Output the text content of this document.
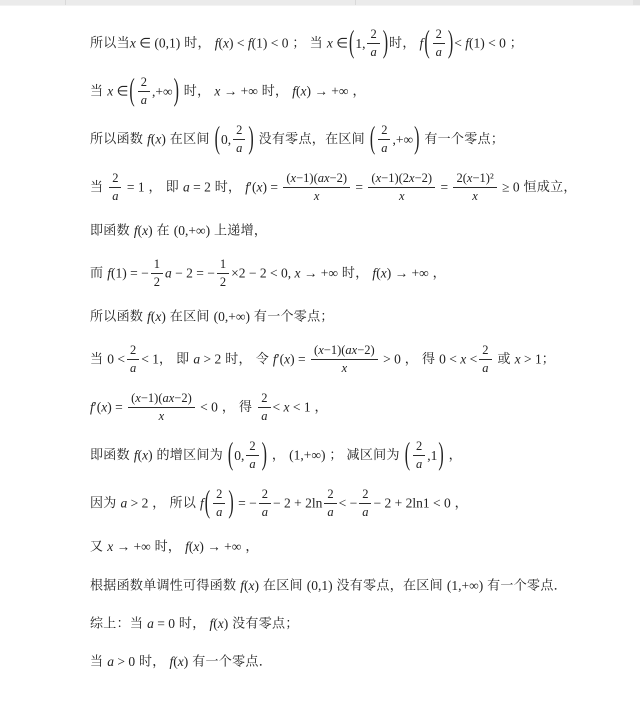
所以当x ∈ (0,1) 时， f(x) < f(1) < 0 ； 当 x ∈ ( 1, $\frac{2}{a}$ ) 时， f ( $\frac{2}{a}$ ) < f(1) < 0 ；
当 x ∈ ( $\frac{2}{a}$ ,+∞ ) 时， x → +∞ 时， f(x) → +∞ ，
所以函数 f(x) 在区间 ( 0, $\frac{2}{a}$ ) 没有零点，在区间 ( $\frac{2}{a}$ ,+∞ ) 有一个零点；
当 $\frac{2}{a} = 1$ ， 即 a = 2 时， $f'(x) = \frac{(x-1)(ax-2)}{x} = \frac{(x-1)(2x-2)}{x} = \frac{\text{2(x−1)²}}{x} \ge 0$ 恒成立，
即函数 f(x) 在 (0,+∞) 上递增，
而 f(1) = − $\frac{1}{2}$ a − 2 = − $\frac{1}{2} \times 2 - 2 < 0$, x → +∞ 时， f(x) → +∞ ，
所以函数 f(x) 在区间 (0,+∞) 有一个零点；
当 $0 < \frac{2}{a} < 1$， 即 a > 2 时， 令 $f'(x) = \frac{(x-1)(ax-2)}{x} > 0$ ， 得 $0 < x < \frac{2}{a}$ 或 x > 1；
$f'(x) = \frac{(x-1)(ax-2)}{x} < 0$ ， 得 $\frac{2}{a} < x < 1$ ，
即函数 f(x) 的增区间为 ( 0, $\frac{2}{a}$ ) ， (1,+∞) ； 减区间为 ( $\frac{2}{a} ,1$ ) ，
因为 a > 2 ， 所以 f ( $\frac{2}{a}$ ) = − $\frac{2}{a} - 2 + 2\ln \frac{2}{a}$ < − $\frac{2}{a} - 2 + 2\ln 1 < 0$ ，
又 x → +∞ 时， f(x) → +∞ ，
根据函数单调性可得函数 f(x) 在区间 (0,1) 没有零点，在区间 (1,+∞) 有一个零点．
综上：当 a = 0 时， f(x) 没有零点；
当 a > 0 时， f(x) 有一个零点．
